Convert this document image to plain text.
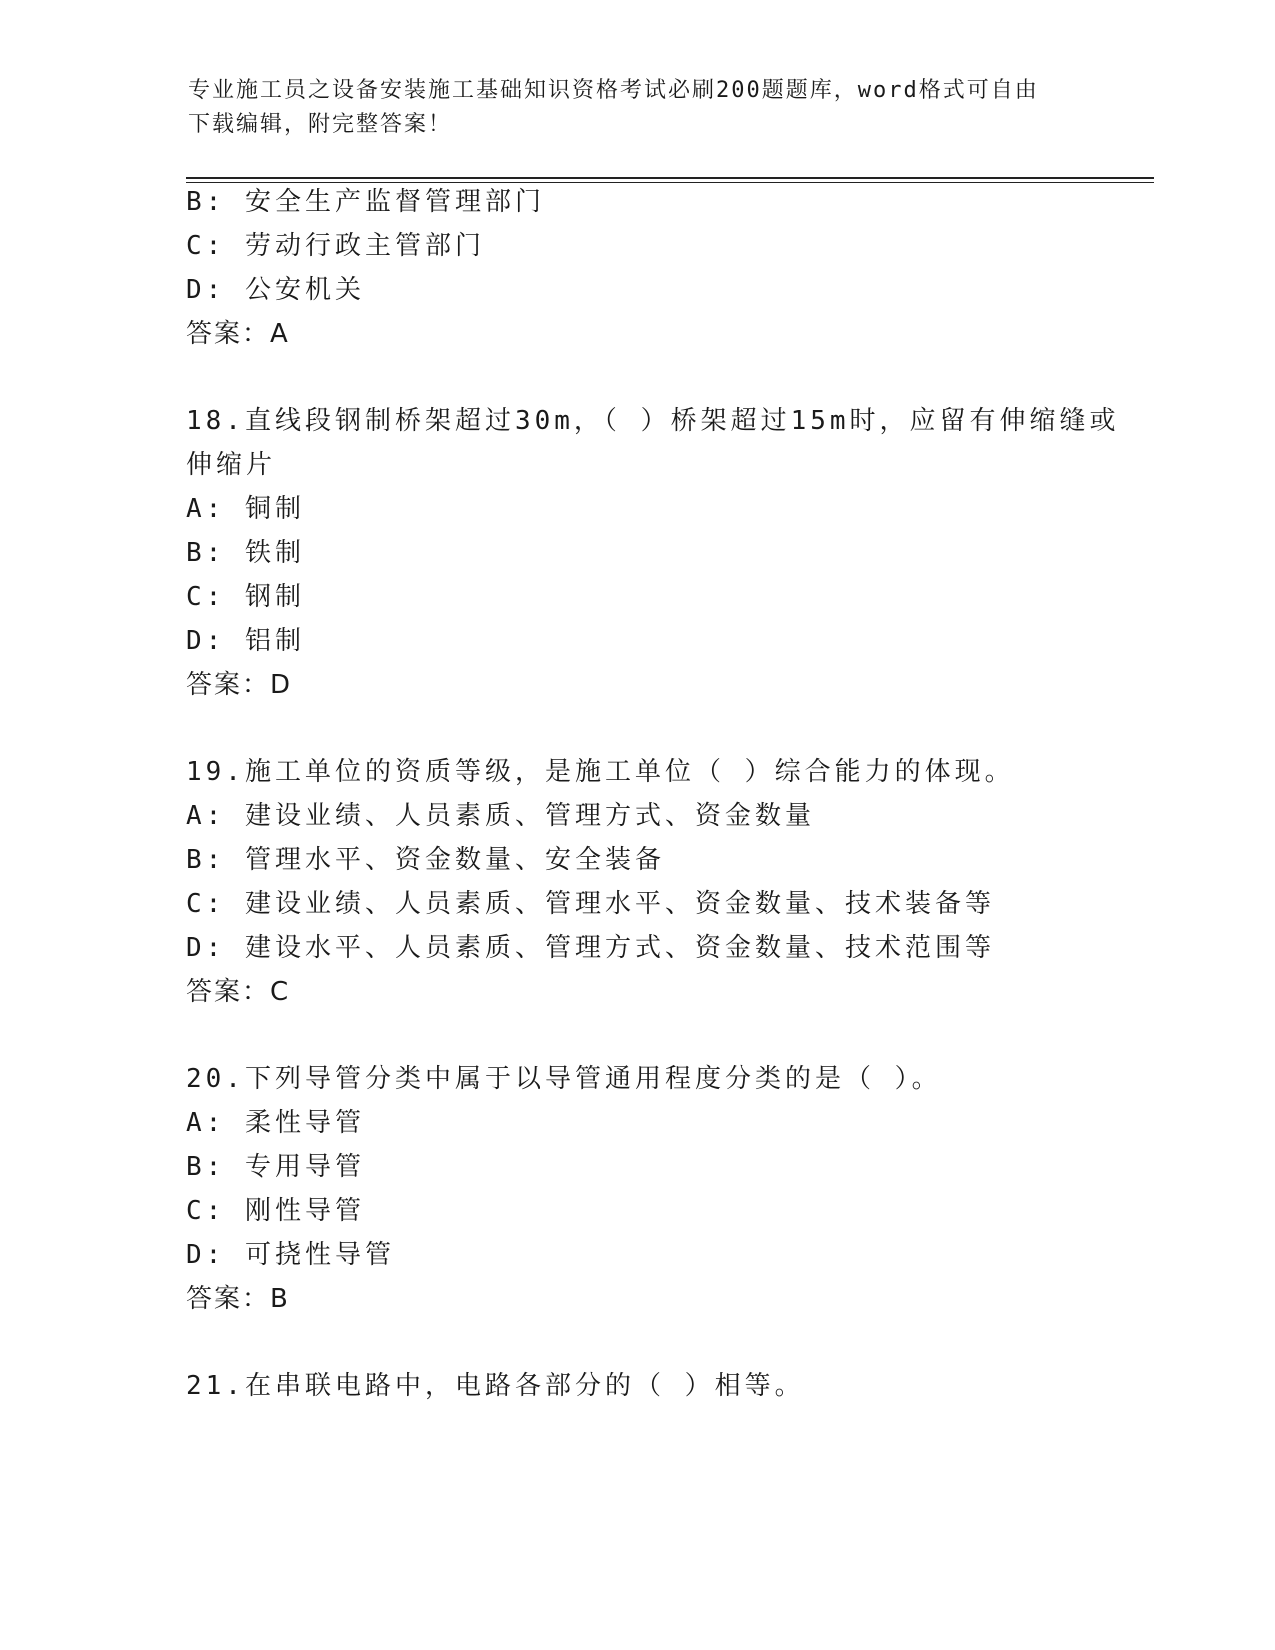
专业施工员之设备安装施工基础知识资格考试必刷200题题库，word格式可自由
下载编辑，附完整答案！
B: 安全生产监督管理部门
C: 劳动行政主管部门
D: 公安机关
答案：A
18.直线段钢制桥架超过30m，（ ）桥架超过15m时，应留有伸缩缝或
伸缩片
A: 铜制
B: 铁制
C: 钢制
D: 铝制
答案：D
19.施工单位的资质等级，是施工单位（ ）综合能力的体现。
A: 建设业绩、人员素质、管理方式、资金数量
B: 管理水平、资金数量、安全装备
C: 建设业绩、人员素质、管理水平、资金数量、技术装备等
D: 建设水平、人员素质、管理方式、资金数量、技术范围等
答案：C
20.下列导管分类中属于以导管通用程度分类的是（ ）。
A: 柔性导管
B: 专用导管
C: 刚性导管
D: 可挠性导管
答案：B
21.在串联电路中，电路各部分的（ ）相等。
